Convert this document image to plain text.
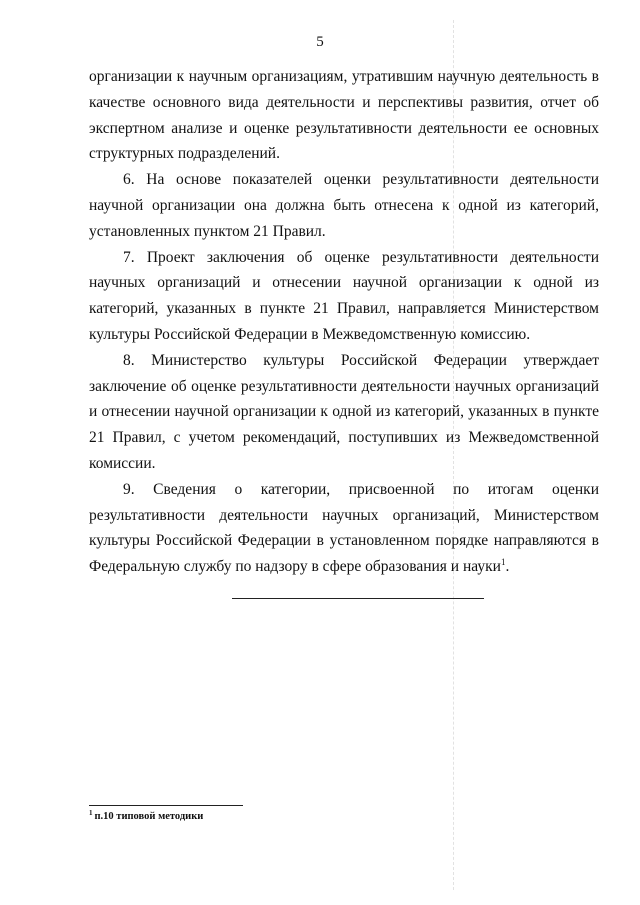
5

организации к научным организациям, утратившим научную деятельность в качестве основного вида деятельности и перспективы развития, отчет об экспертном анализе и оценке результативности деятельности ее основных структурных подразделений.

6. На основе показателей оценки результативности деятельности научной организации она должна быть отнесена к одной из категорий, установленных пунктом 21 Правил.

7. Проект заключения об оценке результативности деятельности научных организаций и отнесении научной организации к одной из категорий, указанных в пункте 21 Правил, направляется Министерством культуры Российской Федерации в Межведомственную комиссию.

8. Министерство культуры Российской Федерации утверждает заключение об оценке результативности деятельности научных организаций и отнесении научной организации к одной из категорий, указанных в пункте 21 Правил, с учетом рекомендаций, поступивших из Межведомственной комиссии.

9. Сведения о категории, присвоенной по итогам оценки результативности деятельности научных организаций, Министерством культуры Российской Федерации в установленном порядке направляются в Федеральную службу по надзору в сфере образования и науки$^1$.

$^1$ п.10 типовой методики
